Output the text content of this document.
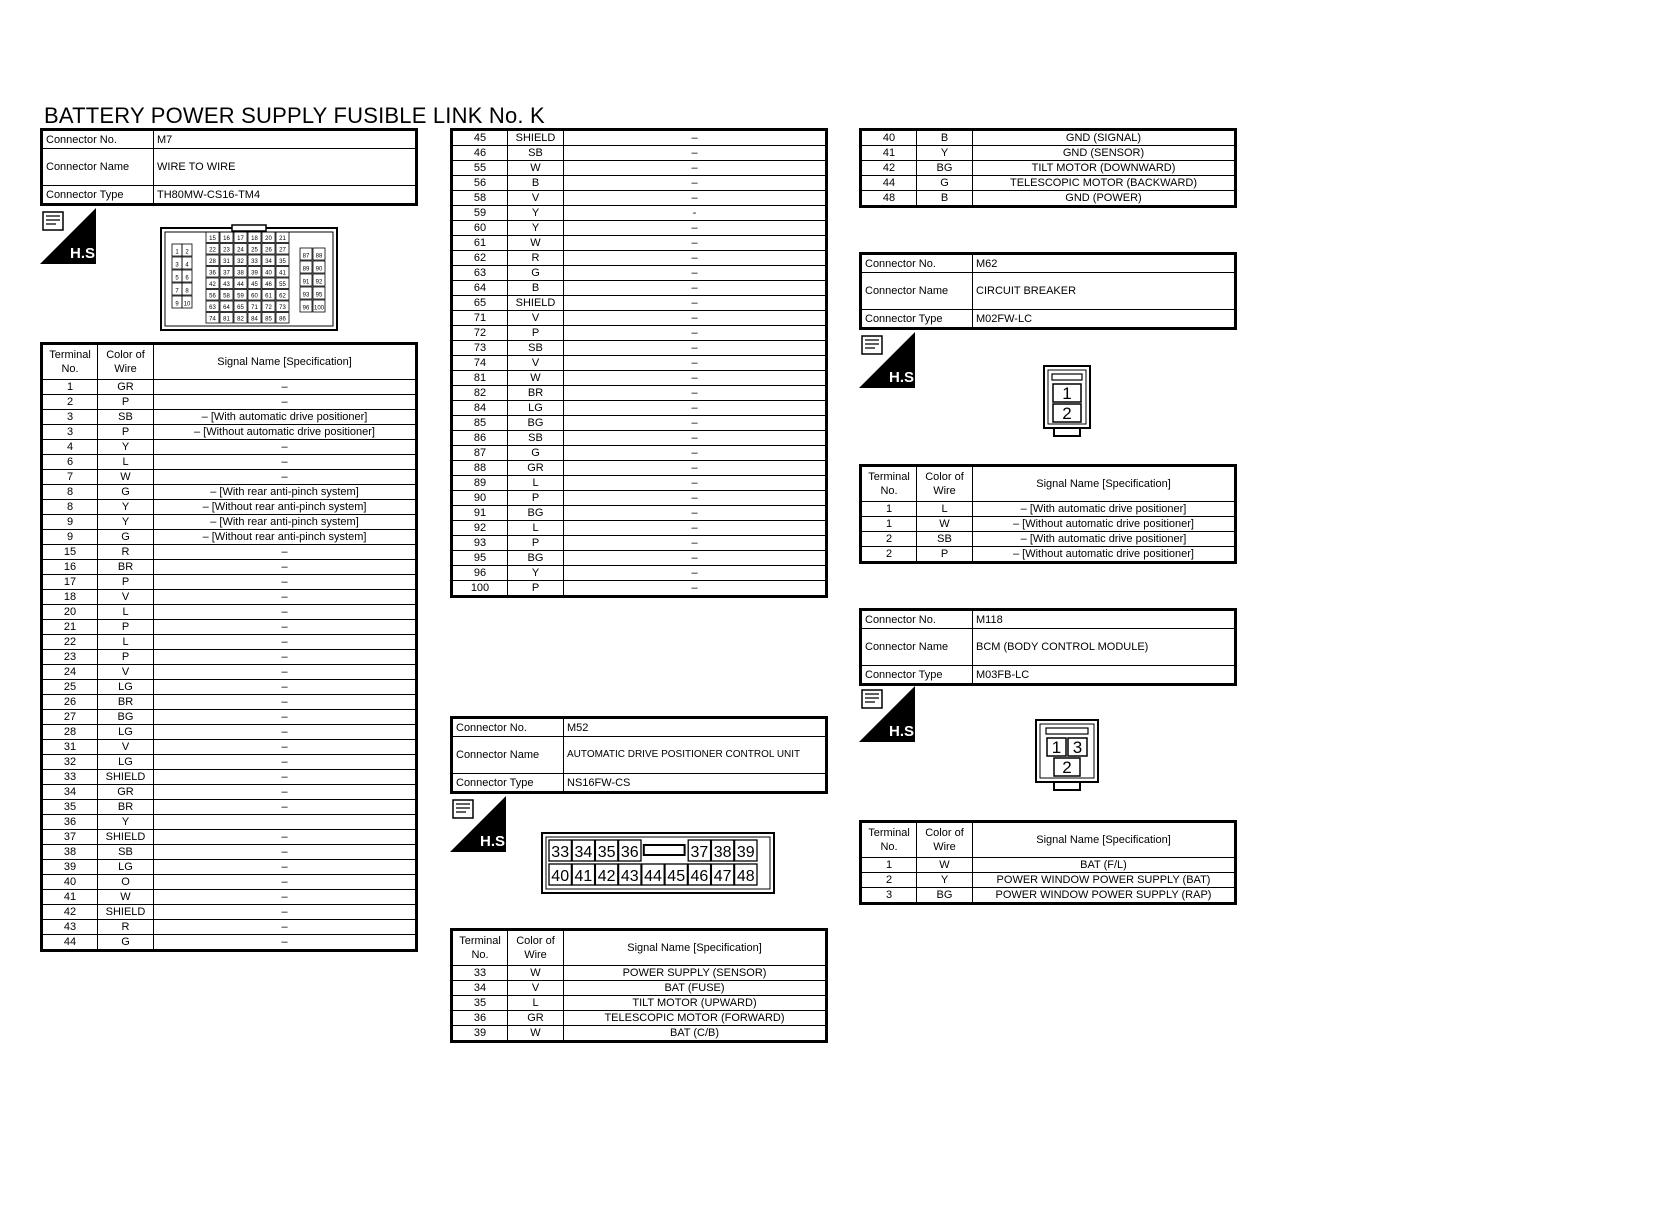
BATTERY POWER SUPPLY FUSIBLE LINK No. K
Connector No.	M7
Connector Name	WIRE TO WIRE
Connector Type	TH80MW-CS16-TM4
H.S.	1 2
3 4
5 6
7 8
9 10
15 16 17 18 20 21
22 23 24 25 26 27
28 31 32 33 34 35
36 37 38 39 40 41
42 43 44 45 46 55
56 58 59 60 61 62
63 64 65 71 72 73
74 81 82 84 85 86
87 88
89 90
91 92
93 95
96 100
Terminal No.	Color of Wire	Signal Name [Specification]
1	GR	–
2	P	–
3	SB	– [With automatic drive positioner]
3	P	– [Without automatic drive positioner]
4	Y	–
6	L	–
7	W	–
8	G	– [With rear anti-pinch system]
8	Y	– [Without rear anti-pinch system]
9	Y	– [With rear anti-pinch system]
9	G	– [Without rear anti-pinch system]
15	R	–
16	BR	–
17	P	–
18	V	–
20	L	–
21	P	–
22	L	–
23	P	–
24	V	–
25	LG	–
26	BR	–
27	BG	–
28	LG	–
31	V	–
32	LG	–
33	SHIELD	–
34	GR	–
35	BR	–
36	Y	
37	SHIELD	–
38	SB	–
39	LG	–
40	O	–
41	W	–
42	SHIELD	–
43	R	–
44	G	–
45	SHIELD	–
46	SB	–
55	W	–
56	B	–
58	V	–
59	Y	-
60	Y	–
61	W	–
62	R	–
63	G	–
64	B	–
65	SHIELD	–
71	V	–
72	P	–
73	SB	–
74	V	–
81	W	–
82	BR	–
84	LG	–
85	BG	–
86	SB	–
87	G	–
88	GR	–
89	L	–
90	P	–
91	BG	–
92	L	–
93	P	–
95	BG	–
96	Y	–
100	P	–
Connector No.	M52
Connector Name	AUTOMATIC DRIVE POSITIONER CONTROL UNIT
Connector Type	NS16FW-CS
H.S.
33 34 35 36	37 38 39
40 41 42 43 44 45 46 47 48
Terminal No.	Color of Wire	Signal Name [Specification]
33	W	POWER SUPPLY (SENSOR)
34	V	BAT (FUSE)
35	L	TILT MOTOR (UPWARD)
36	GR	TELESCOPIC MOTOR (FORWARD)
39	W	BAT (C/B)
40	B	GND (SIGNAL)
41	Y	GND (SENSOR)
42	BG	TILT MOTOR (DOWNWARD)
44	G	TELESCOPIC MOTOR (BACKWARD)
48	B	GND (POWER)
Connector No.	M62
Connector Name	CIRCUIT BREAKER
Connector Type	M02FW-LC
H.S.
1
2
Terminal No.	Color of Wire	Signal Name [Specification]
1	L	– [With automatic drive positioner]
1	W	– [Without automatic drive positioner]
2	SB	– [With automatic drive positioner]
2	P	– [Without automatic drive positioner]
Connector No.	M118
Connector Name	BCM (BODY CONTROL MODULE)
Connector Type	M03FB-LC
H.S.
1 3
2
Terminal No.	Color of Wire	Signal Name [Specification]
1	W	BAT (F/L)
2	Y	POWER WINDOW POWER SUPPLY (BAT)
3	BG	POWER WINDOW POWER SUPPLY (RAP)
